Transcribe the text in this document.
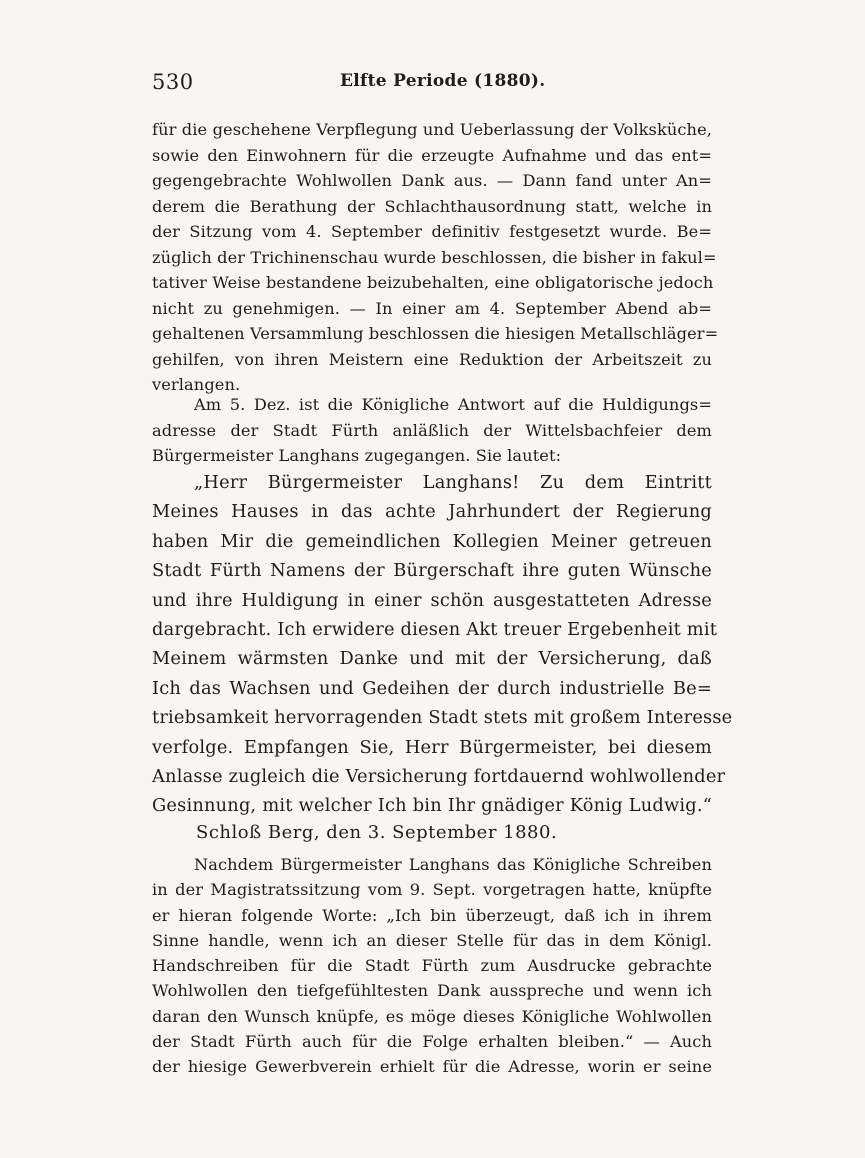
530	Elfte Periode (1880).
für die geschehene Verpflegung und Ueberlassung der Volksküche,
sowie den Einwohnern für die erzeugte Aufnahme und das ent=
gegengebrachte Wohlwollen Dank aus. — Dann fand unter An=
derem die Berathung der Schlachthausordnung statt, welche in
der Sitzung vom 4. September definitiv festgesetzt wurde. Be=
züglich der Trichinenschau wurde beschlossen, die bisher in fakul=
tativer Weise bestandene beizubehalten, eine obligatorische jedoch
nicht zu genehmigen. — In einer am 4. September Abend ab=
gehaltenen Versammlung beschlossen die hiesigen Metallschläger=
gehilfen, von ihren Meistern eine Reduktion der Arbeitszeit zu
verlangen.
Am 5. Dez. ist die Königliche Antwort auf die Huldigungs=
adresse der Stadt Fürth anläßlich der Wittelsbachfeier dem
Bürgermeister Langhans zugegangen. Sie lautet:
„Herr Bürgermeister Langhans! Zu dem Eintritt
Meines Hauses in das achte Jahrhundert der Regierung
haben Mir die gemeindlichen Kollegien Meiner getreuen
Stadt Fürth Namens der Bürgerschaft ihre guten Wünsche
und ihre Huldigung in einer schön ausgestatteten Adresse
dargebracht. Ich erwidere diesen Akt treuer Ergebenheit mit
Meinem wärmsten Danke und mit der Versicherung, daß
Ich das Wachsen und Gedeihen der durch industrielle Be=
triebsamkeit hervorragenden Stadt stets mit großem Interesse
verfolge. Empfangen Sie, Herr Bürgermeister, bei diesem
Anlasse zugleich die Versicherung fortdauernd wohlwollender
Gesinnung, mit welcher Ich bin Ihr gnädiger König Ludwig.“
Schloß Berg, den 3. September 1880.
Nachdem Bürgermeister Langhans das Königliche Schreiben
in der Magistratssitzung vom 9. Sept. vorgetragen hatte, knüpfte
er hieran folgende Worte: „Ich bin überzeugt, daß ich in ihrem
Sinne handle, wenn ich an dieser Stelle für das in dem Königl.
Handschreiben für die Stadt Fürth zum Ausdrucke gebrachte
Wohlwollen den tiefgefühltesten Dank ausspreche und wenn ich
daran den Wunsch knüpfe, es möge dieses Königliche Wohlwollen
der Stadt Fürth auch für die Folge erhalten bleiben.“ — Auch
der hiesige Gewerbverein erhielt für die Adresse, worin er seine
